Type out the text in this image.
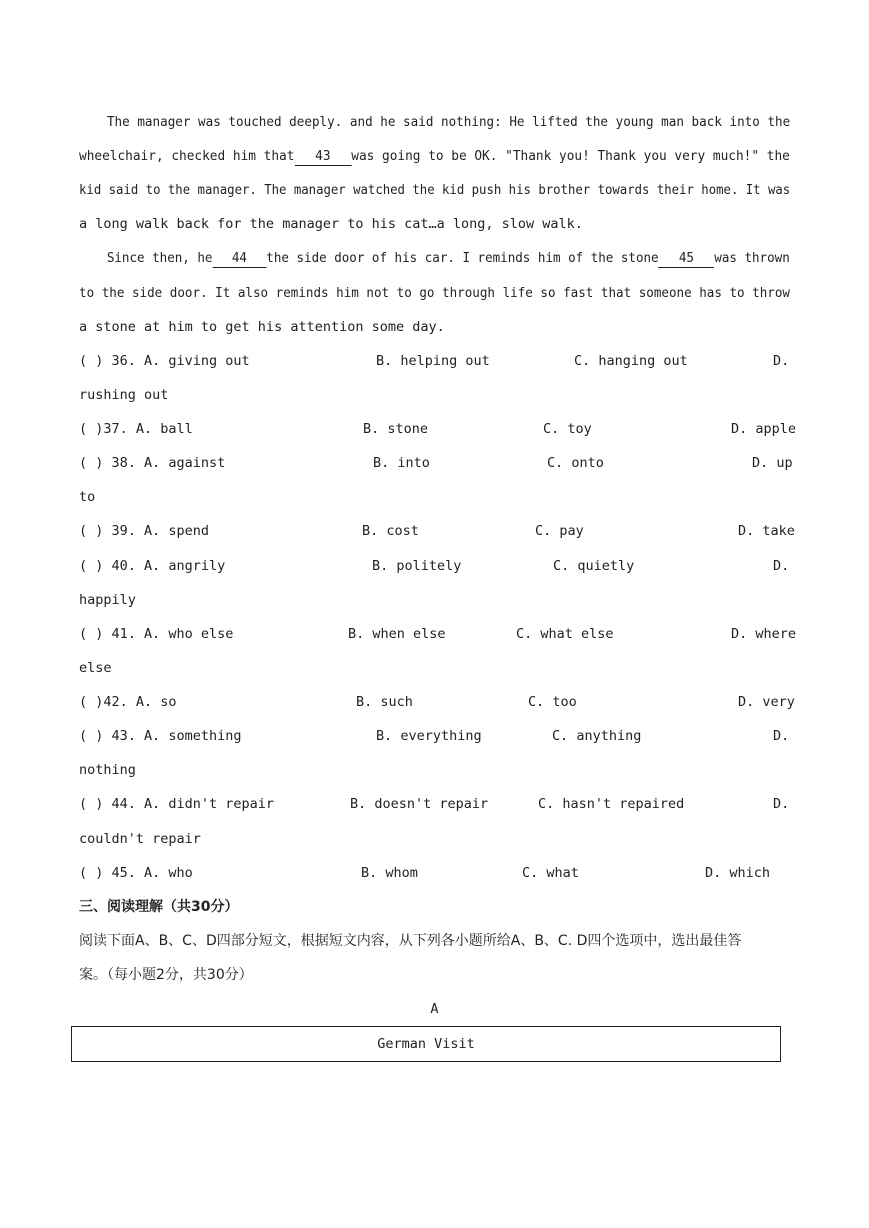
The manager was touched deeply. and he said nothing: He lifted the young man back into the
wheelchair, checked him that 43 was going to be OK. "Thank you! Thank you very much!" the
kid said to the manager. The manager watched the kid push his brother towards their home. It was
a long walk back for the manager to his cat…a long, slow walk.
Since then, he 44 the side door of his car. I reminds him of the stone 45 was thrown
to the side door. It also reminds him not to go through life so fast that someone has to throw
a stone at him to get his attention some day.
( ) 36. A. giving out	B. helping out	C. hanging out	D.
rushing out
( )37. A. ball	B. stone	C. toy	D. apple
( ) 38. A. against	B. into	C. onto	D. up
to
( ) 39. A. spend	B. cost	C. pay	D. take
( ) 40. A. angrily	B. politely	C. quietly	D.
happily
( ) 41. A. who else	B. when else	C. what else	D. where
else
( )42. A. so	B. such	C. too	D. very
( ) 43. A. something	B. everything	C. anything	D.
nothing
( ) 44. A. didn't repair	B. doesn't repair	C. hasn't repaired	D.
couldn't repair
( ) 45. A. who	B. whom	C. what	D. which
三、阅读理解（共30分）
阅读下面A、B、C、D四部分短文，根据短文内容，从下列各小题所给A、B、C. D四个选项中，选出最佳答
案。（每小题2分，共30分）
A
German Visit
